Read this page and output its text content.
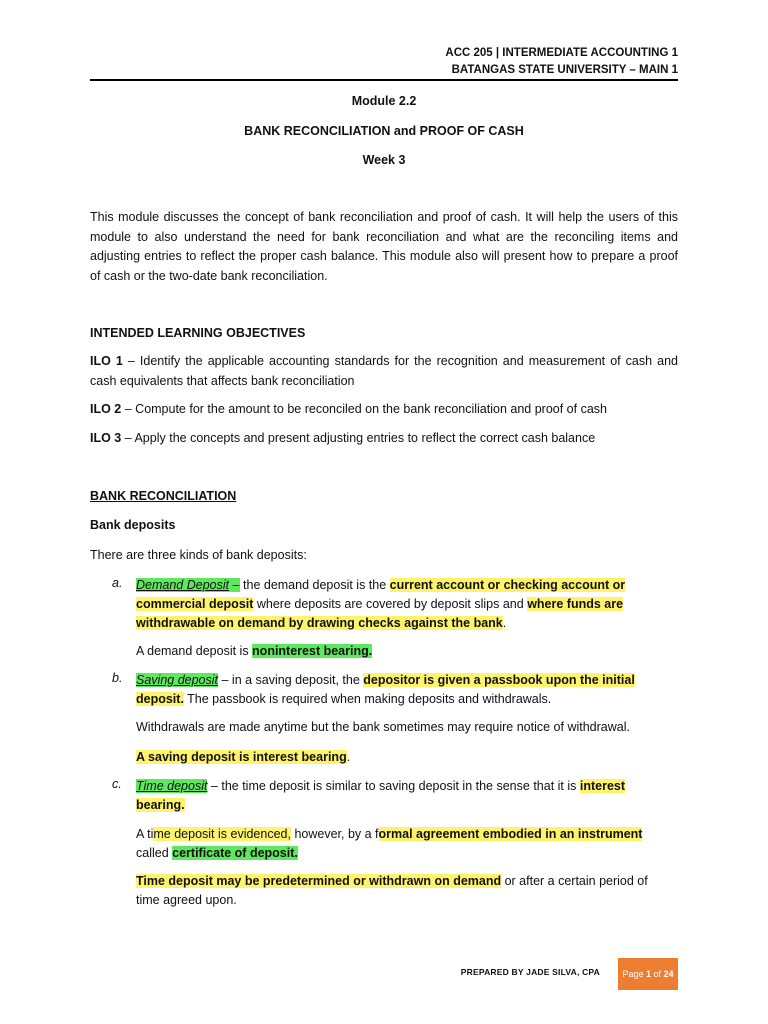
ACC 205 | INTERMEDIATE ACCOUNTING 1
BATANGAS STATE UNIVERSITY – MAIN 1
Module 2.2
BANK RECONCILIATION and PROOF OF CASH
Week 3
This module discusses the concept of bank reconciliation and proof of cash. It will help the users of this module to also understand the need for bank reconciliation and what are the reconciling items and adjusting entries to reflect the proper cash balance. This module also will present how to prepare a proof of cash or the two-date bank reconciliation.
INTENDED LEARNING OBJECTIVES
ILO 1 – Identify the applicable accounting standards for the recognition and measurement of cash and cash equivalents that affects bank reconciliation
ILO 2 – Compute for the amount to be reconciled on the bank reconciliation and proof of cash
ILO 3 – Apply the concepts and present adjusting entries to reflect the correct cash balance
BANK RECONCILIATION
Bank deposits
There are three kinds of bank deposits:
a. Demand Deposit – the demand deposit is the current account or checking account or commercial deposit where deposits are covered by deposit slips and where funds are withdrawable on demand by drawing checks against the bank.
A demand deposit is noninterest bearing.
b. Saving deposit – in a saving deposit, the depositor is given a passbook upon the initial deposit. The passbook is required when making deposits and withdrawals.
Withdrawals are made anytime but the bank sometimes may require notice of withdrawal.
A saving deposit is interest bearing.
c. Time deposit – the time deposit is similar to saving deposit in the sense that it is interest bearing.
A time deposit is evidenced, however, by a formal agreement embodied in an instrument called certificate of deposit.
Time deposit may be predetermined or withdrawn on demand or after a certain period of time agreed upon.
PREPARED BY JADE SILVA, CPA Page
1
of
24
